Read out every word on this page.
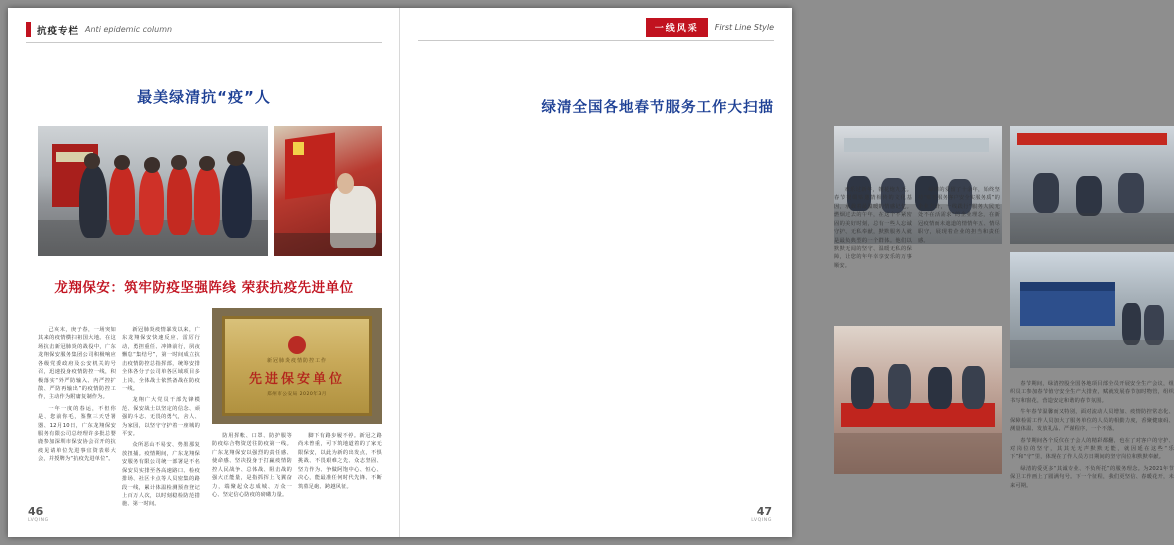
抗疫专栏 Anti epidemic column
最美绿清抗“疫”人
龙翔保安：筑牢防疫坚强阵线 荣获抗疫先进单位

己亥末，庚子春，一场突如其来的疫情横扫祖国大地。在这场抗击新冠肺炎的战役中，广东龙翔保安服务集团公司积极响应各级党委政府及公安机关的号召，迅速投身疫情防控一线，积极落实“外严防输入、内严控扩散、严防再输出”的疫情防控工作，主动作为附庸复制作为。

一年一度的春运，不但你是、您前你毛，鉴黧三天만署器、12月10日，广东龙翔保安服务有限公司总经理许多批总婴鹿参加深圳市保安协会召开的抗疫见请单位先进事宜资表彰大会，并授牌为“抗疫先进单位”。

新冠肺炎疫情暴发以来，广东龙翔保安快速反应、雷厉行动，勇担重任、冲锋前行，夙夜懈怠“集结号”，第一时间成立抗击疫情防控总指挥部，统筹安排全体各分子公司单各区域项目多上岗，全体战士依然备战在防疫一线。

龙翔广大党员干部先锋模范、保安战士以坚定的信念、顽强的斗志、无畏的勇气，舍人、为家园，以坚守守护着一座城的平安。

众所恶山不易安、势墨那复放扭捕。疫情期间，广东龙翔保安服务有限公司统一部署是不名保安员实排至各高速路口、检疫排场、社区卡点等人员密集的路段一线，累计体温检测预查登记上百万人次，以时刻稳检防范措施、第一时间。

新冠肺炎疫情防控工作
先进保安单位
郑州市公安局 2020年3月

防用挥帐、口罩、防护服等防疫综合物资送往防疫第一线。广东龙翔保安以强烈的责任感、使命感、坚决投身于打赢疫情防控人民战争、总体战、阻击战的强大正能量，是指抓挥上飞翼奋力，端聚起众志成城、万众一心、坚定信心防疫的磅礴力量。

脚下有路步履不停。新冠之路尚未曾重，可下筑地道着的了家无限保安，以此为新的出发点，不惧挑战、不畏艰难之先、众志坚固、坚力作为、争做阿饱中心、恒心、决心，能最准任何时代先锋、不断筑墓足砲、跨越风征。

46
LVQING
一线风采	First Line Style
绿清全国各地春节服务工作大扫描

欢乐过新年，朝花炮九天。春节餐缀贴邀情相传的文化基因，承载着最温暖的情感记忆。燃烟过去的午年，在这个不紧密固的美好时刻，总有一些人忘诚守护、无私奉献，默默服务人就是最负典型的一个群体。他们以默默无闻的坚守、温暖无私的保障，让您的年年幸享安乐的万事顺安。

绿清的爱留了十余年，始终坚持“贴签服务客户安全实服务质”的企业方针，一线践行“服务人民无处不在活需求”的企业理念，在新冠疫情而未遮道的情情年五、情尽职守，展现着企业的担当和责任感。

春节期间，绿清控股全国各地项目部全员开展安全生产会议，组织员工参加春节值守安全生产大排查，赋就发展春节加时物管，组织书写和窗花，营造安定和谐的春节氛围。

牛年春节温馨而又特别，面对流动人员增加、疫情防控常态化、保障检需工作人员加大了服务单位的人员的相勤力度，香聚健康码、测量体温、发放礼品、严谨程序，一个不落。

春节期间各个反仪在子会人的精彩都翻，也在了对客户的守护、对岗位的坚守，其其无无声默默无能，就因延在这些“乐下”和“守”里，体现在了作人员方日期间的坚守岗位和默默奉献。

绿清的爱更多“其诚专业、不负所托”的服务理念。为2021年节保卫工作画上了圆满句号。下一个征程，我们更坚信、春暖花开，未来可期。

47
LVQING
